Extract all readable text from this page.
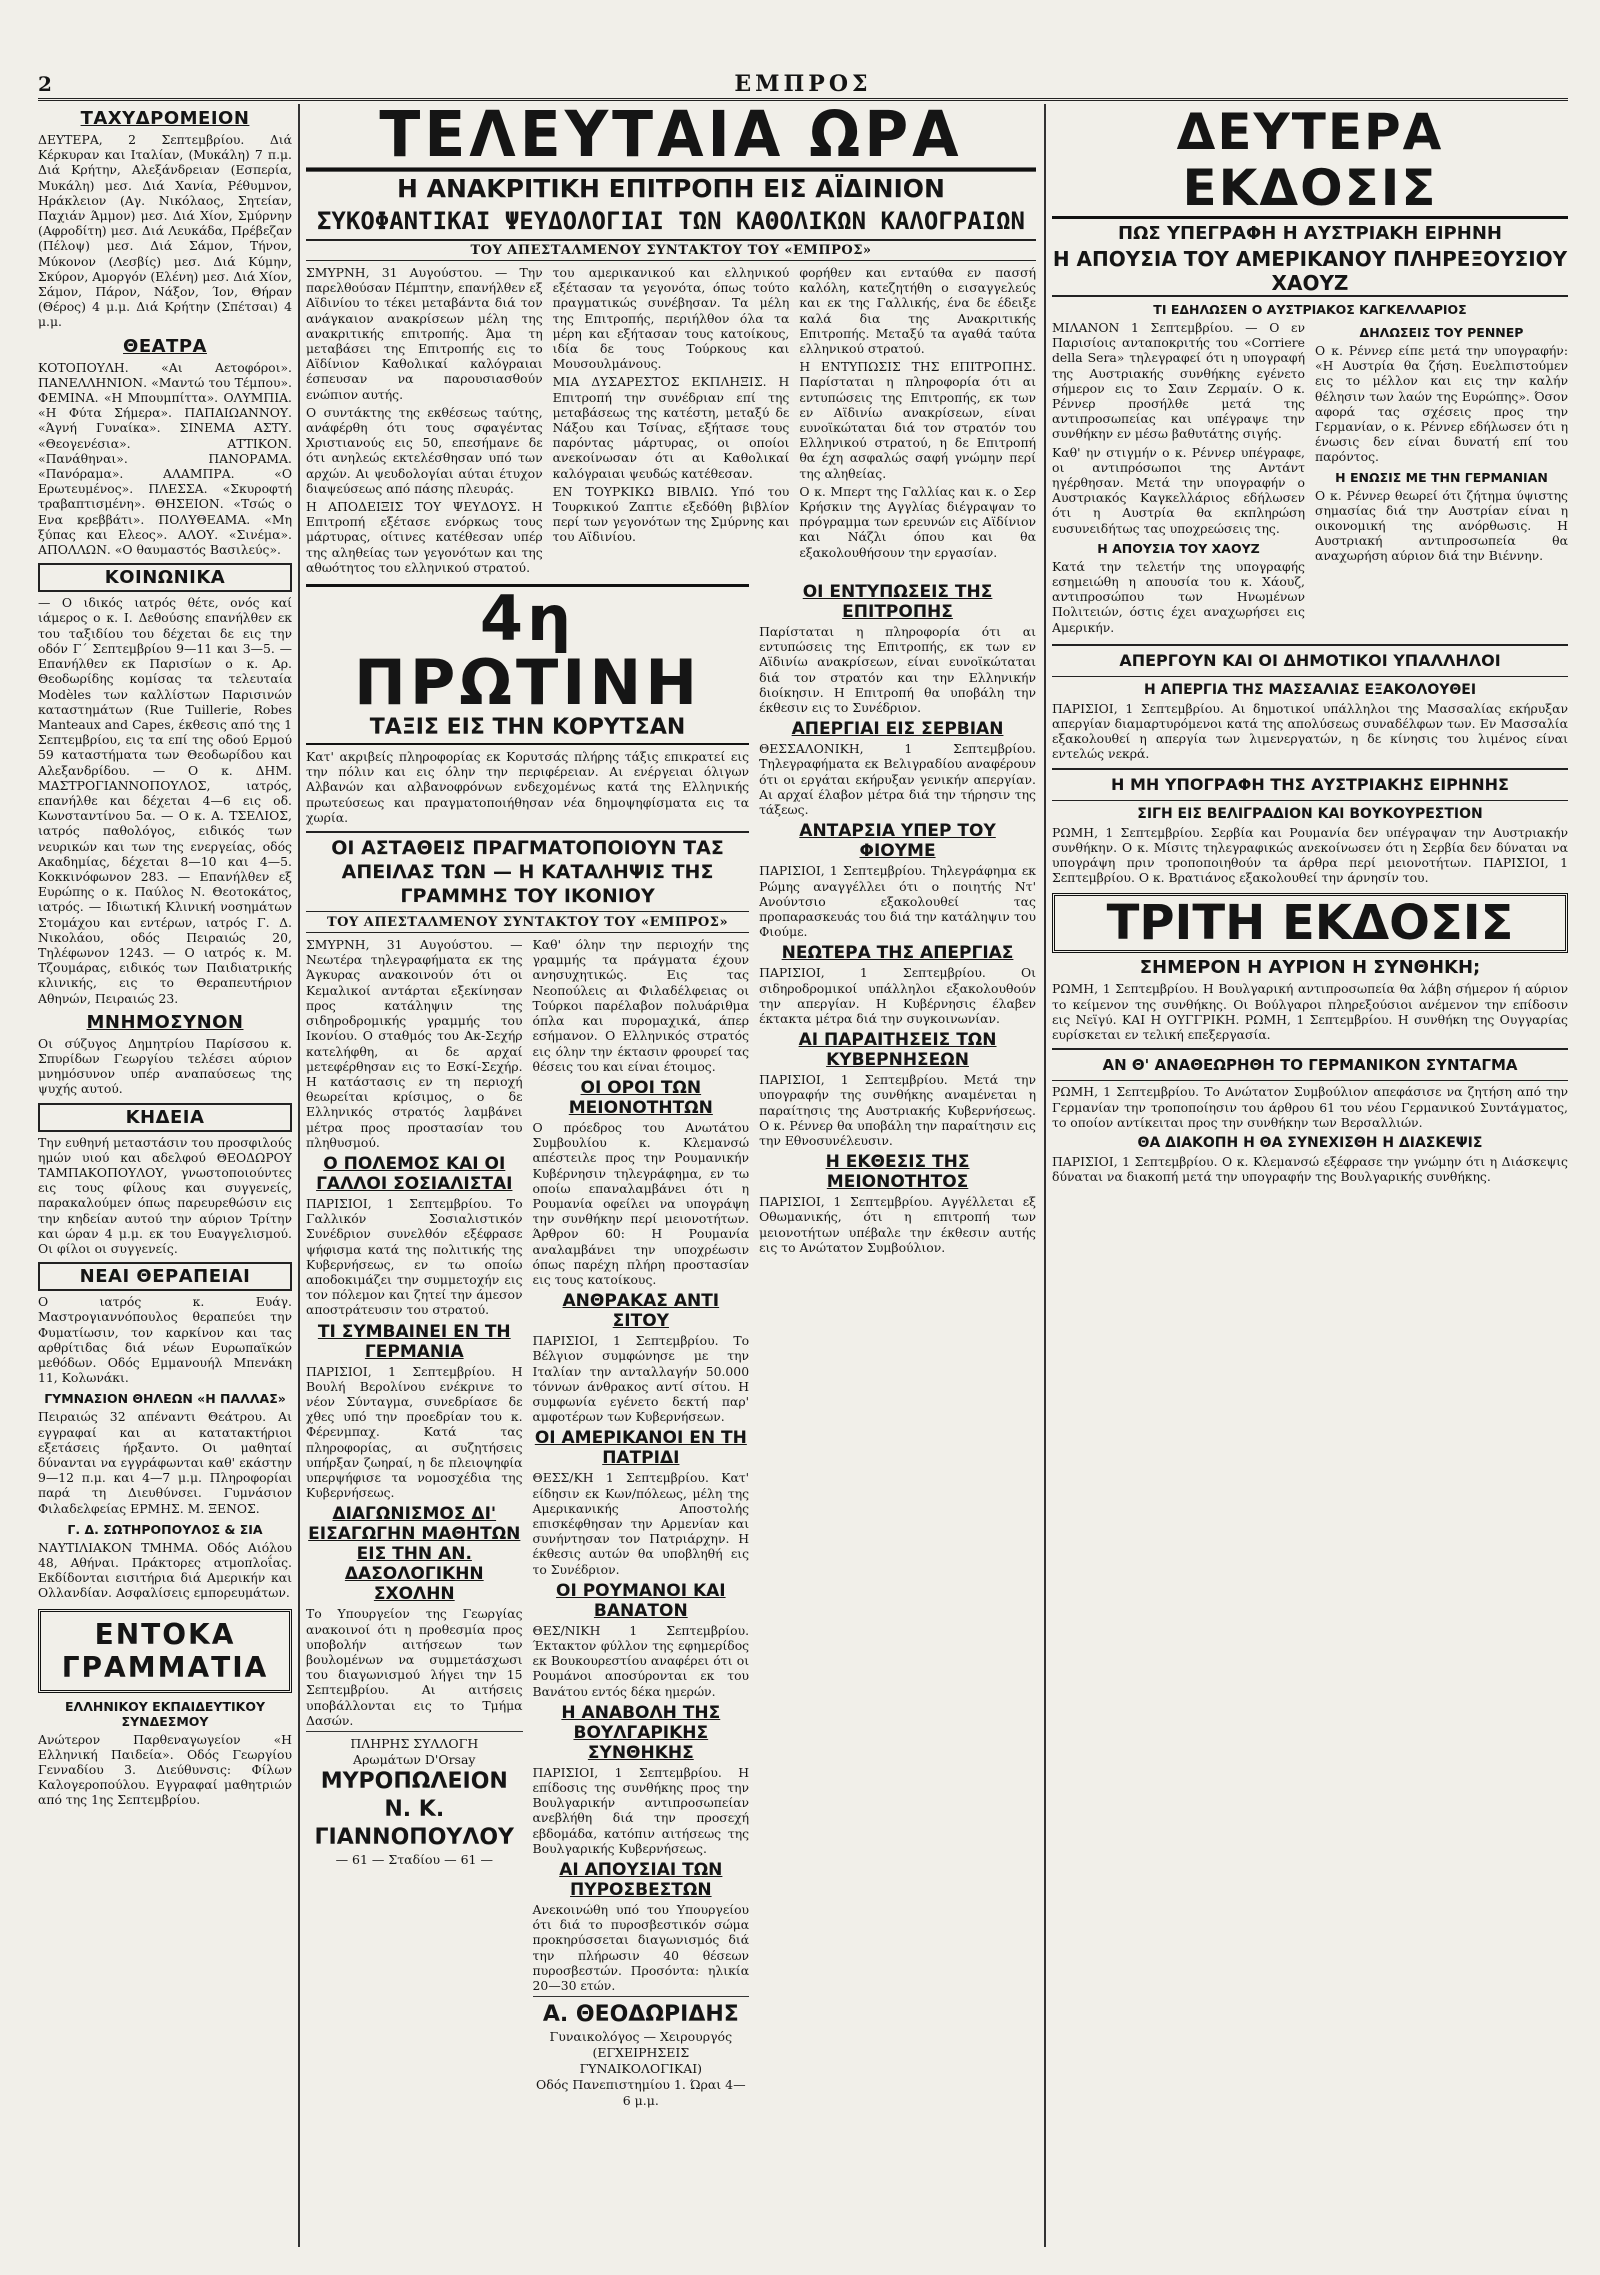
2	ΕΜΠΡΟΣ
ΤΑΧΥΔΡΟΜΕΙΟΝ
ΔΕΥΤΕΡΑ, 2 Σεπτεμβρίου. Διά Κέρκυραν και Ιταλίαν, (Μυκάλη) 7 π.μ. Διά Κρήτην, Αλεξάνδρειαν (Εσπερία, Μυκάλη) μεσ. Διά Χανία, Ρέθυμνον, Ηράκλειον (Αγ. Νικόλαος, Σητείαν, Παχιάν Άμμον) μεσ. Διά Χίον, Σμύρνην (Αφροδίτη) μεσ. Διά Λευκάδα, Πρέβεζαν (Πέλοψ) μεσ. Διά Σάμον, Τήνον, Μύκονον (Λεσβίς) μεσ. Διά Κύμην, Σκύρον, Αμοργόν (Ελένη) μεσ. Διά Χίον, Σάμον, Πάρον, Νάξον, Ίον, Θήραν (Θέρος) 4 μ.μ. Διά Κρήτην (Σπέτσαι) 4 μ.μ.
ΘΕΑΤΡΑ
ΚΟΤΟΠΟΥΛΗ. «Αι Αετοφόροι». ΠΑΝΕΛΛΗΝΙΟΝ. «Μαντώ του Τέμπου». ΦΕΜΙΝΑ. «Η Μπουμπίττα». ΟΛΥΜΠΙΑ. «Η Φύτα Σήμερα». ΠΑΠΑΙΩΑΝΝΟΥ. «Άγνή Γυναίκα». ΣΙΝΕΜΑ ΑΣΤΥ. «Θεογενέσια». ΑΤΤΙΚΟΝ. «Πανάθηναι». ΠΑΝΟΡΑΜΑ. «Πανόραμα». ΑΛΑΜΠΡΑ. «Ο Ερωτευμένος». ΠΛΕΣΣΑ. «Σκυροφτή τραβαπτισμένη». ΘΗΣΕΙΟΝ. «Τσώς ο Ενα κρεββάτι». ΠΟΛΥΘΕΑΜΑ. «Μη ξύπας και Ελεος». ΑΛΟΥ. «Σινέμα». ΑΠΟΛΛΩΝ. «Ο θαυμαστός Βασιλεύς».
ΚΟΙΝΩΝΙΚΑ
— Ο ιδικός ιατρός θέτε, ονός καί ιάμερος ο κ. Ι. Δεθούσης επανήλθεν εκ του ταξιδίου του δέχεται δε εις την οδόν Γ΄ Σεπτεμβρίου 9—11 και 3—5. — Επανήλθεν εκ Παρισίων ο κ. Αρ. Θεοδωρίδης κομίσας τα τελευταία Modèles των καλλίστων Παρισινών καταστημάτων (Rue Tuillerie, Robes Manteaux and Capes, έκθεσις από της 1 Σεπτεμβρίου, εις τα επί της οδού Ερμού 59 καταστήματα των Θεοδωρίδου και Αλεξανδρίδου. — Ο κ. ΔΗΜ. ΜΑΣΤΡΟΓΙΑΝΝΟΠΟΥΛΟΣ, ιατρός, επανήλθε και δέχεται 4—6 εις οδ. Κωνσταντίνου 5α. — Ο κ. Α. ΤΣΕΛΙΟΣ, ιατρός παθολόγος, ειδικός των νευρικών και των της ενεργείας, οδός Ακαδημίας, δέχεται 8—10 και 4—5. Κοκκινόφωνον 283. — Επανήλθεν εξ Ευρώπης ο κ. Παύλος Ν. Θεοτοκάτος, ιατρός. — Ιδιωτική Κλινική νοσημάτων Στομάχου και εντέρων, ιατρός Γ. Δ. Νικολάου, οδός Πειραιώς 20, Τηλέφωνον 1243. — Ο ιατρός κ. Μ. Τζουμάρας, ειδικός των Παιδιατρικής κλινικής, εις το Θεραπευτήριον Αθηνών, Πειραιώς 23.
ΜΝΗΜΟΣΥΝΟΝ
Οι σύζυγος Δημητρίου Παρίσσου κ. Σπυρίδων Γεωργίου τελέσει αύριον μνημόσυνον υπέρ αναπαύσεως της ψυχής αυτού.
ΚΗΔΕΙΑ
Την ευθηνή μεταστάσιν του προσφιλούς ημών υιού και αδελφού ΘΕΟΔΩΡΟΥ ΤΑΜΠΑΚΟΠΟΥΛΟΥ, γνωστοποιούντες εις τους φίλους και συγγενείς, παρακαλούμεν όπως παρευρεθώσιν εις την κηδείαν αυτού την αύριον Τρίτην και ώραν 4 μ.μ. εκ του Ευαγγελισμού. Οι φίλοι οι συγγενείς.
ΝΕΑΙ ΘΕΡΑΠΕΙΑΙ
Ο ιατρός κ. Ευάγ. Μαστρογιαννόπουλος θεραπεύει την Φυματίωσιν, τον καρκίνον και τας αρθρίτιδας διά νέων Ευρωπαϊκών μεθόδων. Οδός Εμμανουήλ Μπενάκη 11, Κολωνάκι.
ΓΥΜΝΑΣΙΟΝ ΘΗΛΕΩΝ «Η ΠΑΛΛΑΣ»
Πειραιώς 32 απέναντι Θεάτρου. Αι εγγραφαί και αι κατατακτήριοι εξετάσεις ήρξαντο. Οι μαθηταί δύνανται να εγγράφωνται καθ' εκάστην 9—12 π.μ. και 4—7 μ.μ. Πληροφορίαι παρά τη Διευθύνσει. Γυμνάσιον Φιλαδελφείας ΕΡΜΗΣ. Μ. ΞΕΝΟΣ.
Γ. Δ. ΣΩΤΗΡΟΠΟΥΛΟΣ & ΣΙΑ
ΝΑΥΤΙΛΙΑΚΟΝ ΤΜΗΜΑ. Οδός Αιόλου 48, Αθήναι. Πράκτορες ατμοπλοΐας. Εκδίδονται εισιτήρια διά Αμερικήν και Ολλανδίαν. Ασφαλίσεις εμπορευμάτων.
ΕΝΤΟΚΑ ΓΡΑΜΜΑΤΙΑ
ΕΛΛΗΝΙΚΟΥ ΕΚΠΑΙΔΕΥΤΙΚΟΥ ΣΥΝΔΕΣΜΟΥ
Ανώτερον Παρθεναγωγείον «Η Ελληνική Παιδεία». Οδός Γεωργίου Γενναδίου 3. Διεύθυνσις: Φίλων Καλογεροπούλου. Εγγραφαί μαθητριών από της 1ης Σεπτεμβρίου.
ΤΕΛΕΥΤΑΙΑ ΩΡΑ
Η ΑΝΑΚΡΙΤΙΚΗ ΕΠΙΤΡΟΠΗ ΕΙΣ ΑΪΔΙΝΙΟΝ
ΣΥΚΟΦΑΝΤΙΚΑΙ ΨΕΥΔΟΛΟΓΙΑΙ ΤΩΝ ΚΑΘΟΛΙΚΩΝ ΚΑΛΟΓΡΑΙΩΝ
ΤΟΥ ΑΠΕΣΤΑΛΜΕΝΟΥ ΣΥΝΤΑΚΤΟΥ ΤΟΥ «ΕΜΠΡΟΣ»
ΣΜΥΡΝΗ, 31 Αυγούστου. — Την παρελθούσαν Πέμπτην, επανήλθεν εξ Αϊδινίου το τέκει μεταβάντα διά τον ανάγκαιον ανακρίσεων μέλη της ανακριτικής επιτροπής. Άμα τη μεταβάσει της Επιτροπής εις το Αϊδίνιον Καθολικαί καλόγραιαι έσπευσαν να παρουσιασθούν ενώπιον αυτής.
Ο συντάκτης της εκθέσεως ταύτης, ανάφέρθη ότι τους σφαγέντας Χριστιανούς εις 50, επεσήμανε δε ότι ανηλεώς εκτελέσθησαν υπό των αρχών. Αι ψευδολογίαι αύται έτυχον διαψεύσεως από πάσης πλευράς.
Η ΑΠΟΔΕΙΞΙΣ ΤΟΥ ΨΕΥΔΟΥΣ. Η Επιτροπή εξέτασε ενόρκως τους μάρτυρας, οίτινες κατέθεσαν υπέρ της αληθείας των γεγονότων και της αθωότητος του ελληνικού στρατού.
του αμερικανικού και ελληνικού εξέτασαν τα γεγονότα, όπως τούτο πραγματικώς συνέβησαν. Τα μέλη της Επιτροπής, περιήλθον όλα τα μέρη και εξήτασαν τους κατοίκους, ιδία δε τους Τούρκους και Μουσουλμάνους.
ΜΙΑ ΔΥΣΑΡΕΣΤΟΣ ΕΚΠΛΗΞΙΣ. Η Επιτροπή την συνέδριαν επί της μεταβάσεως της κατέστη, μεταξύ δε Νάξου και Τσίνας, εξήτασε τους παρόντας μάρτυρας, οι οποίοι ανεκοίνωσαν ότι αι Καθολικαί καλόγραιαι ψευδώς κατέθεσαν.
ΕΝ ΤΟΥΡΚΙΚΩ ΒΙΒΛΙΩ. Υπό του Τουρκικού Ζαπτιε εξεδόθη βιβλίον περί των γεγονότων της Σμύρνης και του Αϊδινίου.
φορήθεν και ενταύθα εν πασσή καλόλη, κατεζητήθη ο εισαγγελεύς και εκ της Γαλλικής, ένα δε έδειξε καλά δια της Ανακριτικής Επιτροπής. Μεταξύ τα αγαθά ταύτα ελληνικού στρατού.
Η ΕΝΤΥΠΩΣΙΣ ΤΗΣ ΕΠΙΤΡΟΠΗΣ. Παρίσταται η πληροφορία ότι αι εντυπώσεις της Επιτροπής, εκ των εν Αϊδινίω ανακρίσεων, είναι ευνοϊκώταται διά τον στρατόν του Ελληνικού στρατού, η δε Επιτροπή θα έχη ασφαλώς σαφή γνώμην περί της αληθείας.
Ο κ. Μπερτ της Γαλλίας και κ. ο Σερ Κρήσκιν της Αγγλίας διέγραψαν το πρόγραμμα των ερευνών εις Αϊδίνιον και Νάζλι όπου και θα εξακολουθήσουν την εργασίαν.
4η ΠΡΩΤΙΝΗ
ΤΑΞΙΣ ΕΙΣ ΤΗΝ ΚΟΡΥΤΣΑΝ
Κατ' ακριβείς πληροφορίας εκ Κορυτσάς πλήρης τάξις επικρατεί εις την πόλιν και εις όλην την περιφέρειαν. Αι ενέργειαι όλιγων Αλβανών και αλβανοφρόνων ενδεχομένως κατά της Ελληνικής πρωτεύσεως και πραγματοποιήθησαν νέα δημοψηφίσματα εις τα χωρία.
ΟΙ ΑΣΤΑΘΕΙΣ ΠΡΑΓΜΑΤΟΠΟΙΟΥΝ ΤΑΣ ΑΠΕΙΛΑΣ ΤΩΝ — Η ΚΑΤΑΛΗΨΙΣ ΤΗΣ ΓΡΑΜΜΗΣ ΤΟΥ ΙΚΟΝΙΟΥ
ΤΟΥ ΑΠΕΣΤΑΛΜΕΝΟΥ ΣΥΝΤΑΚΤΟΥ ΤΟΥ «ΕΜΠΡΟΣ»
ΣΜΥΡΝΗ, 31 Αυγούστου. — Νεωτέρα τηλεγραφήματα εκ της Άγκυρας ανακοινούν ότι οι Κεμαλικοί αντάρται εξεκίνησαν προς κατάληψιν της σιδηροδρομικής γραμμής του Ικονίου. Ο σταθμός του Ακ-Σεχήρ κατελήφθη, αι δε αρχαί μετεφέρθησαν εις το Εσκί-Σεχήρ. Η κατάστασις εν τη περιοχή θεωρείται κρίσιμος, ο δε Ελληνικός στρατός λαμβάνει μέτρα προς προστασίαν του πληθυσμού.
Ο ΠΟΛΕΜΟΣ ΚΑΙ ΟΙ ΓΑΛΛΟΙ ΣΟΣΙΑΛΙΣΤΑΙ
ΠΑΡΙΣΙΟΙ, 1 Σεπτεμβρίου. Το Γαλλικόν Σοσιαλιστικόν Συνέδριον συνελθόν εξέφρασε ψήφισμα κατά της πολιτικής της Κυβερνήσεως, εν τω οποίω αποδοκιμάζει την συμμετοχήν εις τον πόλεμον και ζητεί την άμεσον αποστράτευσιν του στρατού.
ΤΙ ΣΥΜΒΑΙΝΕΙ ΕΝ ΤΗ ΓΕΡΜΑΝΙΑ
ΠΑΡΙΣΙΟΙ, 1 Σεπτεμβρίου. Η Βουλή Βερολίνου ενέκρινε το νέον Σύνταγμα, συνεδρίασε δε χθες υπό την προεδρίαν του κ. Φέρενμπαχ. Κατά τας πληροφορίας, αι συζητήσεις υπήρξαν ζωηραί, η δε πλειοψηφία υπερψήφισε τα νομοσχέδια της Κυβερνήσεως.
ΔΙΑΓΩΝΙΣΜΟΣ ΔΙ' ΕΙΣΑΓΩΓΗΝ ΜΑΘΗΤΩΝ ΕΙΣ ΤΗΝ ΑΝ. ΔΑΣΟΛΟΓΙΚΗΝ ΣΧΟΛΗΝ
Το Υπουργείον της Γεωργίας ανακοινοί ότι η προθεσμία προς υποβολήν αιτήσεων των βουλομένων να συμμετάσχωσι του διαγωνισμού λήγει την 15 Σεπτεμβρίου. Αι αιτήσεις υποβάλλονται εις το Τμήμα Δασών.
ΠΛΗΡΗΣ ΣΥΛΛΟΓΗ
Αρωμάτων D'Orsay
ΜΥΡΟΠΩΛΕΙΟΝ Ν. Κ. ΓΙΑΝΝΟΠΟΥΛΟΥ
— 61 — Σταδίου — 61 —
Καθ' όλην την περιοχήν της γραμμής τα πράγματα έχουν ανησυχητικώς. Εις τας Νεοπούλεις αι Φιλαδέλφειας οι Τούρκοι παρέλαβον πολυάριθμα όπλα και πυρομαχικά, άπερ εσήμανον. Ο Ελληνικός στρατός εις όλην την έκτασιν φρουρεί τας θέσεις του και είναι έτοιμος.
ΟΙ ΟΡΟΙ ΤΩΝ ΜΕΙΟΝΟΤΗΤΩΝ
Ο πρόεδρος του Ανωτάτου Συμβουλίου κ. Κλεμανσώ απέστειλε προς την Ρουμανικήν Κυβέρνησιν τηλεγράφημα, εν τω οποίω επαναλαμβάνει ότι η Ρουμανία οφείλει να υπογράψη την συνθήκην περί μειονοτήτων. Άρθρον 60: Η Ρουμανία αναλαμβάνει την υποχρέωσιν όπως παρέχη πλήρη προστασίαν εις τους κατοίκους.
ΑΝΘΡΑΚΑΣ ΑΝΤΙ ΣΙΤΟΥ
ΠΑΡΙΣΙΟΙ, 1 Σεπτεμβρίου. Το Βέλγιον συμφώνησε με την Ιταλίαν την ανταλλαγήν 50.000 τόννων άνθρακος αντί σίτου. Η συμφωνία εγένετο δεκτή παρ' αμφοτέρων των Κυβερνήσεων.
ΟΙ ΑΜΕΡΙΚΑΝΟΙ ΕΝ ΤΗ ΠΑΤΡΙΔΙ
ΘΕΣΣ/ΚΗ 1 Σεπτεμβρίου. Κατ' είδησιν εκ Κων/πόλεως, μέλη της Αμερικανικής Αποστολής επισκέφθησαν την Αρμενίαν και συνήντησαν τον Πατριάρχην. Η έκθεσις αυτών θα υποβληθή εις το Συνέδριον.
ΟΙ ΡΟΥΜΑΝΟΙ ΚΑΙ ΒΑΝΑΤΟΝ
ΘΕΣ/ΝΙΚΗ 1 Σεπτεμβρίου. Έκτακτον φύλλον της εφημερίδος εκ Βουκουρεστίου αναφέρει ότι οι Ρουμάνοι αποσύρονται εκ του Βανάτου εντός δέκα ημερών.
Η ΑΝΑΒΟΛΗ ΤΗΣ ΒΟΥΛΓΑΡΙΚΗΣ ΣΥΝΘΗΚΗΣ
ΠΑΡΙΣΙΟΙ, 1 Σεπτεμβρίου. Η επίδοσις της συνθήκης προς την Βουλγαρικήν αντιπροσωπείαν ανεβλήθη διά την προσεχή εβδομάδα, κατόπιν αιτήσεως της Βουλγαρικής Κυβερνήσεως.
ΑΙ ΑΠΟΥΣΙΑΙ ΤΩΝ ΠΥΡΟΣΒΕΣΤΩΝ
Ανεκοινώθη υπό του Υπουργείου ότι διά το πυροσβεστικόν σώμα προκηρύσσεται διαγωνισμός διά την πλήρωσιν 40 θέσεων πυροσβεστών. Προσόντα: ηλικία 20—30 ετών.
Α. ΘΕΟΔΩΡΙΔΗΣ
Γυναικολόγος — Χειρουργός
(ΕΓΧΕΙΡΗΣΕΙΣ ΓΥΝΑΙΚΟΛΟΓΙΚΑΙ)
Οδός Πανεπιστημίου 1. Ώραι 4—6 μ.μ.
ΟΙ ΕΝΤΥΠΩΣΕΙΣ ΤΗΣ ΕΠΙΤΡΟΠΗΣ
Παρίσταται η πληροφορία ότι αι εντυπώσεις της Επιτροπής, εκ των εν Αϊδινίω ανακρίσεων, είναι ευνοϊκώταται διά τον στρατόν και την Ελληνικήν διοίκησιν. Η Επιτροπή θα υποβάλη την έκθεσιν εις το Συνέδριον.
ΑΠΕΡΓΙΑΙ ΕΙΣ ΣΕΡΒΙΑΝ
ΘΕΣΣΑΛΟΝΙΚΗ, 1 Σεπτεμβρίου. Τηλεγραφήματα εκ Βελιγραδίου αναφέρουν ότι οι εργάται εκήρυξαν γενικήν απεργίαν. Αι αρχαί έλαβον μέτρα διά την τήρησιν της τάξεως.
ΑΝΤΑΡΣΙΑ ΥΠΕΡ ΤΟΥ ΦΙΟΥΜΕ
ΠΑΡΙΣΙΟΙ, 1 Σεπτεμβρίου. Τηλεγράφημα εκ Ρώμης αναγγέλλει ότι ο ποιητής Ντ' Ανούντσιο εξακολουθεί τας προπαρασκευάς του διά την κατάληψιν του Φιούμε.
ΝΕΩΤΕΡΑ ΤΗΣ ΑΠΕΡΓΙΑΣ
ΠΑΡΙΣΙΟΙ, 1 Σεπτεμβρίου. Οι σιδηροδρομικοί υπάλληλοι εξακολουθούν την απεργίαν. Η Κυβέρνησις έλαβεν έκτακτα μέτρα διά την συγκοινωνίαν.
ΑΙ ΠΑΡΑΙΤΗΣΕΙΣ ΤΩΝ ΚΥΒΕΡΝΗΣΕΩΝ
ΠΑΡΙΣΙΟΙ, 1 Σεπτεμβρίου. Μετά την υπογραφήν της συνθήκης αναμένεται η παραίτησις της Αυστριακής Κυβερνήσεως. Ο κ. Ρέννερ θα υποβάλη την παραίτησιν εις την Εθνοσυνέλευσιν.
Η ΕΚΘΕΣΙΣ ΤΗΣ ΜΕΙΟΝΟΤΗΤΟΣ
ΠΑΡΙΣΙΟΙ, 1 Σεπτεμβρίου. Αγγέλλεται εξ Οθωμανικής, ότι η επιτροπή των μειονοτήτων υπέβαλε την έκθεσιν αυτής εις το Ανώτατον Συμβούλιον.
ΔΕΥΤΕΡΑ ΕΚΔΟΣΙΣ
ΠΩΣ ΥΠΕΓΡΑΦΗ Η ΑΥΣΤΡΙΑΚΗ ΕΙΡΗΝΗ
Η ΑΠΟΥΣΙΑ ΤΟΥ ΑΜΕΡΙΚΑΝΟΥ ΠΛΗΡΕΞΟΥΣΙΟΥ ΧΑΟΥΖ
ΤΙ ΕΔΗΛΩΣΕΝ Ο ΑΥΣΤΡΙΑΚΟΣ ΚΑΓΚΕΛΛΑΡΙΟΣ
ΜΙΛΑΝΟΝ 1 Σεπτεμβρίου. — Ο εν Παρισίοις ανταποκριτής του «Corriere della Sera» τηλεγραφεί ότι η υπογραφή της Αυστριακής συνθήκης εγένετο σήμερον εις το Σαιν Ζερμαίν. Ο κ. Ρέννερ προσήλθε μετά της αντιπροσωπείας και υπέγραψε την συνθήκην εν μέσω βαθυτάτης σιγής.
Καθ' ην στιγμήν ο κ. Ρέννερ υπέγραφε, οι αντιπρόσωποι της Αντάντ ηγέρθησαν. Μετά την υπογραφήν ο Αυστριακός Καγκελλάριος εδήλωσεν ότι η Αυστρία θα εκπληρώση ευσυνειδήτως τας υποχρεώσεις της.
Η ΑΠΟΥΣΙΑ ΤΟΥ ΧΑΟΥΖ
Κατά την τελετήν της υπογραφής εσημειώθη η απουσία του κ. Χάουζ, αντιπροσώπου των Ηνωμένων Πολιτειών, όστις έχει αναχωρήσει εις Αμερικήν.
ΔΗΛΩΣΕΙΣ ΤΟΥ ΡΕΝΝΕΡ
Ο κ. Ρέννερ είπε μετά την υπογραφήν: «Η Αυστρία θα ζήση. Ευελπιστούμεν εις το μέλλον και εις την καλήν θέλησιν των λαών της Ευρώπης». Όσον αφορά τας σχέσεις προς την Γερμανίαν, ο κ. Ρέννερ εδήλωσεν ότι η ένωσις δεν είναι δυνατή επί του παρόντος.
Η ΕΝΩΣΙΣ ΜΕ ΤΗΝ ΓΕΡΜΑΝΙΑΝ
Ο κ. Ρέννερ θεωρεί ότι ζήτημα ύψιστης σημασίας διά την Αυστρίαν είναι η οικονομική της ανόρθωσις. Η Αυστριακή αντιπροσωπεία θα αναχωρήση αύριον διά την Βιέννην.
ΑΠΕΡΓΟΥΝ ΚΑΙ ΟΙ ΔΗΜΟΤΙΚΟΙ ΥΠΑΛΛΗΛΟΙ
Η ΑΠΕΡΓΙΑ ΤΗΣ ΜΑΣΣΑΛΙΑΣ ΕΞΑΚΟΛΟΥΘΕΙ
ΠΑΡΙΣΙΟΙ, 1 Σεπτεμβρίου. Αι δημοτικοί υπάλληλοι της Μασσαλίας εκήρυξαν απεργίαν διαμαρτυρόμενοι κατά της απολύσεως συναδέλφων των. Εν Μασσαλία εξακολουθεί η απεργία των λιμενεργατών, η δε κίνησις του λιμένος είναι εντελώς νεκρά.
Η ΜΗ ΥΠΟΓΡΑΦΗ ΤΗΣ ΑΥΣΤΡΙΑΚΗΣ ΕΙΡΗΝΗΣ
ΣΙΓΗ ΕΙΣ ΒΕΛΙΓΡΑΔΙΟΝ ΚΑΙ ΒΟΥΚΟΥΡΕΣΤΙΟΝ
ΡΩΜΗ, 1 Σεπτεμβρίου. Σερβία και Ρουμανία δεν υπέγραψαν την Αυστριακήν συνθήκην. Ο κ. Μίσιτς τηλεγραφικώς ανεκοίνωσεν ότι η Σερβία δεν δύναται να υπογράψη πριν τροποποιηθούν τα άρθρα περί μειονοτήτων. ΠΑΡΙΣΙΟΙ, 1 Σεπτεμβρίου. Ο κ. Βρατιάνος εξακολουθεί την άρνησίν του.
ΤΡΙΤΗ ΕΚΔΟΣΙΣ
ΣΗΜΕΡΟΝ Η ΑΥΡΙΟΝ Η ΣΥΝΘΗΚΗ;
ΡΩΜΗ, 1 Σεπτεμβρίου. Η Βουλγαρική αντιπροσωπεία θα λάβη σήμερον ή αύριον το κείμενον της συνθήκης. Οι Βούλγαροι πληρεξούσιοι ανέμενον την επίδοσιν εις Νεϊγύ. ΚΑΙ Η ΟΥΓΓΡΙΚΗ. ΡΩΜΗ, 1 Σεπτεμβρίου. Η συνθήκη της Ουγγαρίας ευρίσκεται εν τελική επεξεργασία.
ΑΝ Θ' ΑΝΑΘΕΩΡΗΘΗ ΤΟ ΓΕΡΜΑΝΙΚΟΝ ΣΥΝΤΑΓΜΑ
ΡΩΜΗ, 1 Σεπτεμβρίου. Το Ανώτατον Συμβούλιον απεφάσισε να ζητήση από την Γερμανίαν την τροποποίησιν του άρθρου 61 του νέου Γερμανικού Συντάγματος, το οποίον αντίκειται προς την συνθήκην των Βερσαλλιών.
ΘΑ ΔΙΑΚΟΠΗ Η ΘΑ ΣΥΝΕΧΙΣΘΗ Η ΔΙΑΣΚΕΨΙΣ
ΠΑΡΙΣΙΟΙ, 1 Σεπτεμβρίου. Ο κ. Κλεμανσώ εξέφρασε την γνώμην ότι η Διάσκεψις δύναται να διακοπή μετά την υπογραφήν της Βουλγαρικής συνθήκης.
